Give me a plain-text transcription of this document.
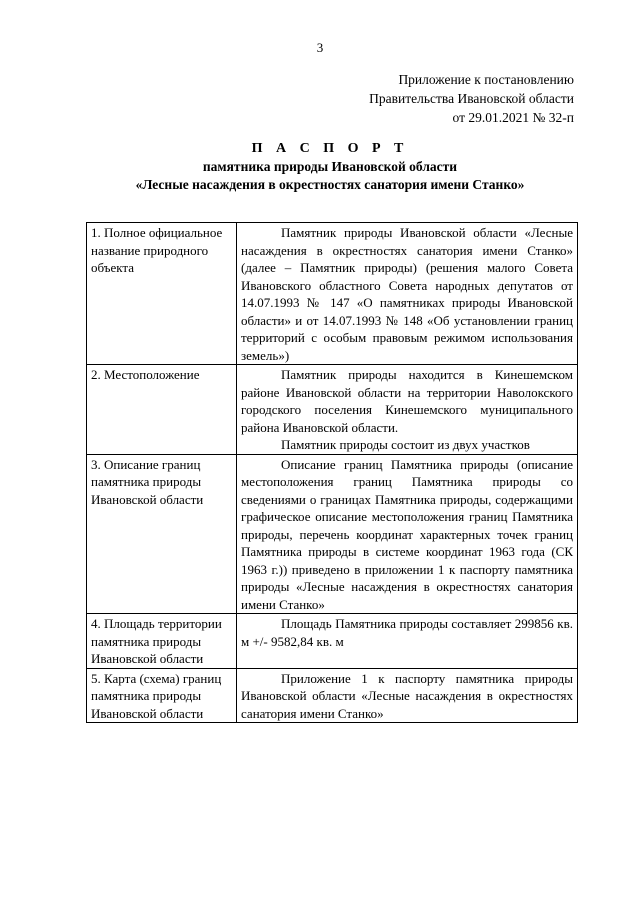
3
Приложение к постановлению
Правительства Ивановской области
от 29.01.2021 № 32-п
П А С П О Р Т
памятника природы Ивановской области
«Лесные насаждения в окрестностях санатория имени Станко»
1. Полное официальное название природного объекта	Памятник природы Ивановской области «Лесные насаждения в окрестностях санатория имени Станко» (далее – Памятник природы) (решения малого Совета Ивановского областного Совета народных депутатов от 14.07.1993 № 147 «О памятниках природы Ивановской области» и от 14.07.1993 № 148 «Об установлении границ территорий с особым правовым режимом использования земель»)

2. Местоположение	Памятник природы находится в Кинешемском районе Ивановской области на территории Наволокского городского поселения Кинешемского муниципального района Ивановской области.

Памятник природы состоит из двух участков

3. Описание границ памятника природы Ивановской области	Описание границ Памятника природы (описание местоположения границ Памятника природы со сведениями о границах Памятника природы, содержащими графическое описание местоположения границ Памятника природы, перечень координат характерных точек границ Памятника природы в системе координат 1963 года (СК 1963 г.)) приведено в приложении 1 к паспорту памятника природы «Лесные насаждения в окрестностях санатория имени Станко»

4. Площадь территории памятника природы Ивановской области	Площадь Памятника природы составляет 299856 кв. м +/- 9582,84 кв. м

5. Карта (схема) границ памятника природы Ивановской области	Приложение 1 к паспорту памятника природы Ивановской области «Лесные насаждения в окрестностях санатория имени Станко»
